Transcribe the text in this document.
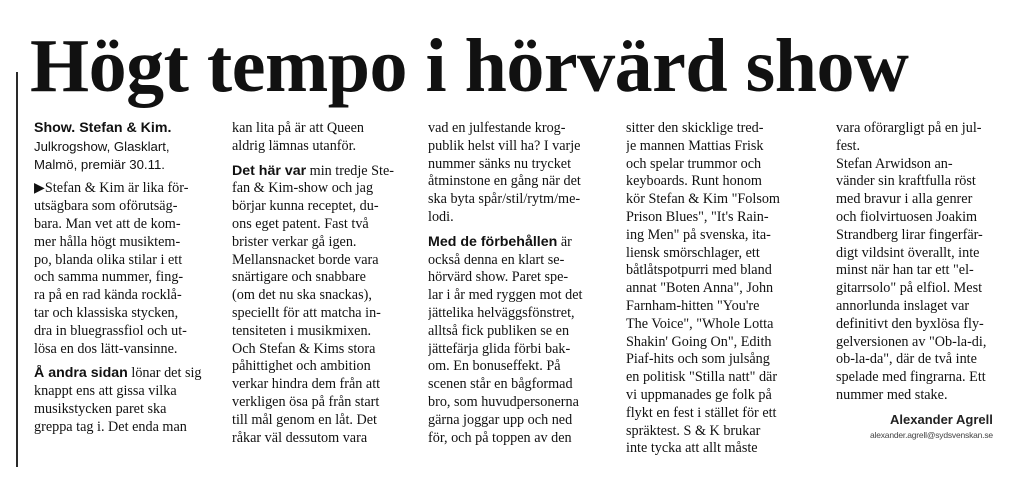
Högt tempo i hörvärd show
Show. Stefan & Kim.
Julkrogshow, Glasklart,
Malmö, premiär 30.11.
▶Stefan & Kim är lika för-
utsägbara som oförutsäg-
bara. Man vet att de kom-
mer hålla högt musiktem-
po, blanda olika stilar i ett
och samma nummer, fing-
ra på en rad kända rocklå-
tar och klassiska stycken,
dra in bluegrassfiol och ut-
lösa en dos lätt-vansinne.
Å andra sidan lönar det sig
knappt ens att gissa vilka
musikstycken paret ska
greppa tag i. Det enda man
kan lita på är att Queen
aldrig lämnas utanför.
Det här var min tredje Ste-
fan & Kim-show och jag
börjar kunna receptet, du-
ons eget patent. Fast två
brister verkar gå igen.
Mellansnacket borde vara
snärtigare och snabbare
(om det nu ska snackas),
speciellt för att matcha in-
tensiteten i musikmixen.
Och Stefan & Kims stora
påhittighet och ambition
verkar hindra dem från att
verkligen ösa på från start
till mål genom en låt. Det
råkar väl dessutom vara
vad en julfestande krog-
publik helst vill ha? I varje
nummer sänks nu trycket
åtminstone en gång när det
ska byta spår/stil/rytm/me-
lodi.
Med de förbehållen är
också denna en klart se-
hörvärd show. Paret spe-
lar i år med ryggen mot det
jättelika helväggsfönstret,
alltså fick publiken se en
jättefärja glida förbi bak-
om. En bonuseffekt. På
scenen står en bågformad
bro, som huvudpersonerna
gärna joggar upp och ned
för, och på toppen av den
sitter den skicklige tred-
je mannen Mattias Frisk
och spelar trummor och
keyboards. Runt honom
kör Stefan & Kim "Folsom
Prison Blues", "It's Rain-
ing Men" på svenska, ita-
liensk smörschlager, ett
båtlåtspotpurri med bland
annat "Boten Anna", John
Farnham-hitten "You're
The Voice", "Whole Lotta
Shakin' Going On", Edith
Piaf-hits och som julsång
en politisk "Stilla natt" där
vi uppmanades ge folk på
flykt en fest i stället för ett
spräktest. S & K brukar
inte tycka att allt måste
vara oförargligt på en jul-
fest.
Stefan Arwidson an-
vänder sin kraftfulla röst
med bravur i alla genrer
och fiolvirtuosen Joakim
Strandberg lirar fingerfär-
digt vildsint överallt, inte
minst när han tar ett "el-
gitarrsolo" på elfiol. Mest
annorlunda inslaget var
definitivt den byxlösa fly-
gelversionen av "Ob-la-di,
ob-la-da", där de två inte
spelade med fingrarna. Ett
nummer med stake.
Alexander Agrell
alexander.agrell@sydsvenskan.se
